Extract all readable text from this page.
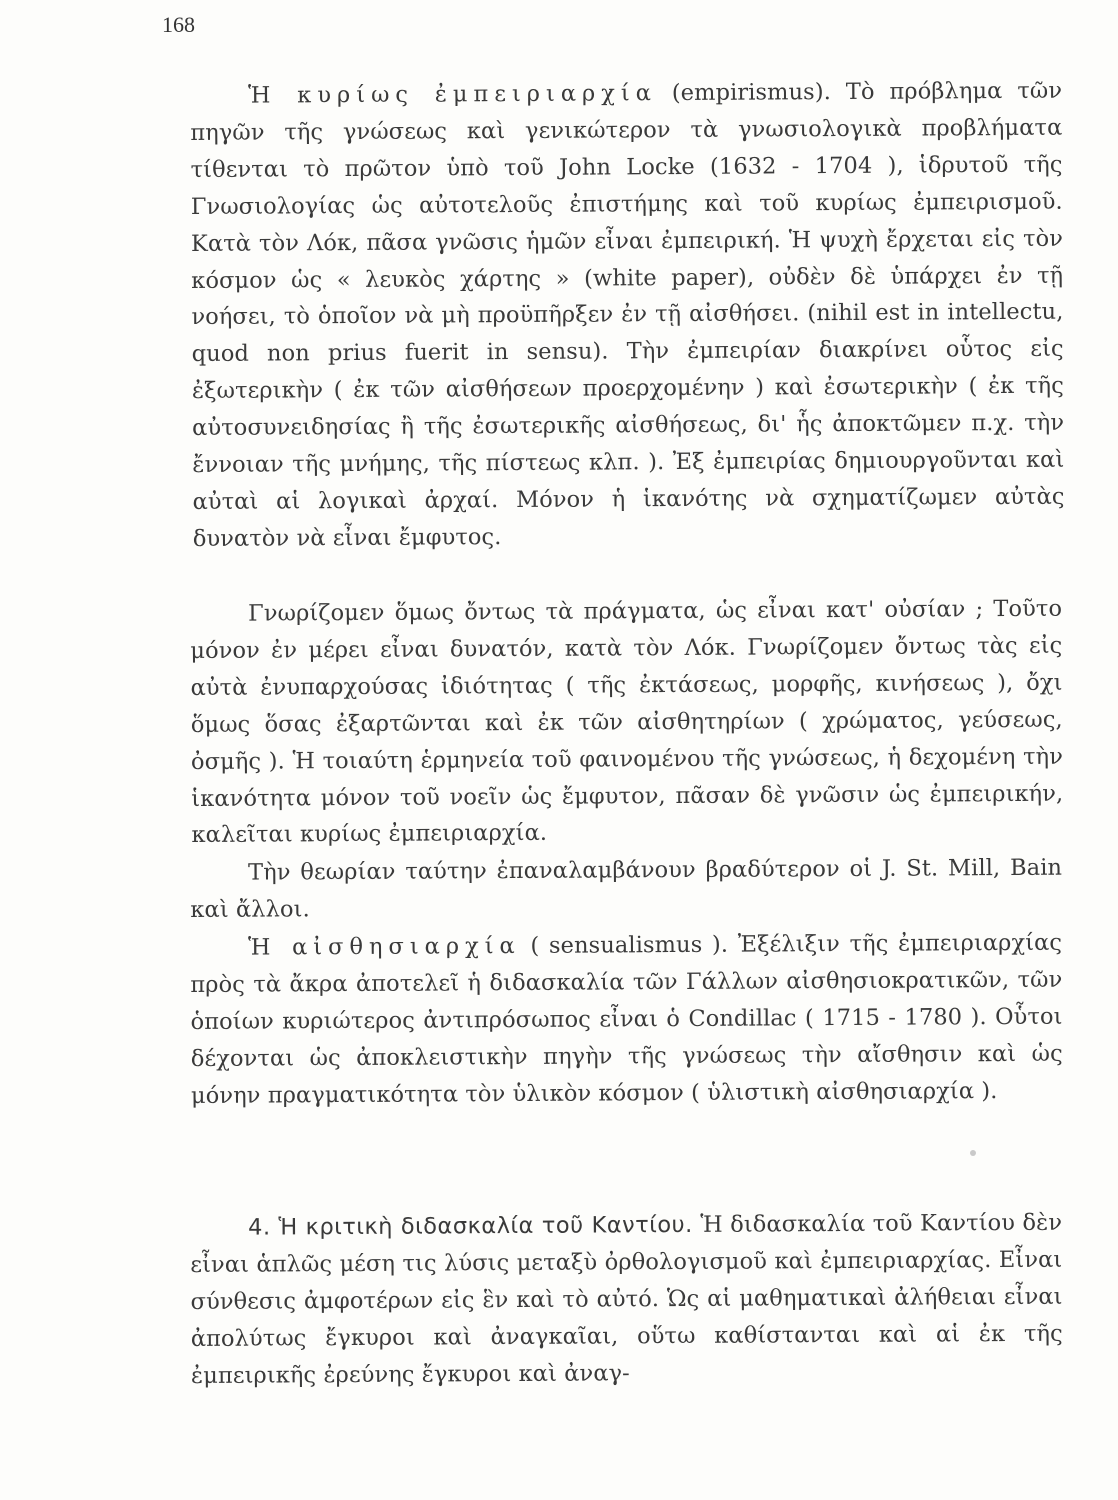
168

Ἡ κυρίως ἐμπειριαρχία (empirismus). Τὸ πρόβλημα τῶν πηγῶν τῆς γνώσεως καὶ γενικώτερον τὰ γνωσιολογικὰ προβλήματα τίθενται τὸ πρῶτον ὑπὸ τοῦ John Locke (1632 - 1704 ), ἱδρυτοῦ τῆς Γνωσιολογίας ὡς αὐτοτελοῦς ἐπιστήμης καὶ τοῦ κυρίως ἐμπειρισμοῦ. Κατὰ τὸν Λόκ, πᾶσα γνῶσις ἡμῶν εἶναι ἐμπειρική. Ἡ ψυχὴ ἔρχεται εἰς τὸν κόσμον ὡς « λευκὸς χάρτης » (white paper), οὐδὲν δὲ ὑπάρχει ἐν τῇ νοήσει, τὸ ὁποῖον νὰ μὴ προϋπῆρξεν ἐν τῇ αἰσθήσει. (nihil est in intellectu, quod non prius fuerit in sensu). Τὴν ἐμπειρίαν διακρίνει οὗτος εἰς ἐξωτερικὴν ( ἐκ τῶν αἰσθήσεων προερχομένην ) καὶ ἐσωτερικὴν ( ἐκ τῆς αὐτοσυνειδησίας ἢ τῆς ἐσωτερικῆς αἰσθήσεως, δι' ἧς ἀποκτῶμεν π.χ. τὴν ἔννοιαν τῆς μνήμης, τῆς πίστεως κλπ. ). Ἐξ ἐμπειρίας δημιουργοῦνται καὶ αὐταὶ αἱ λογικαὶ ἀρχαί. Μόνον ἡ ἱκανότης νὰ σχηματίζωμεν αὐτὰς δυνατὸν νὰ εἶναι ἔμφυτος.

Γνωρίζομεν ὅμως ὄντως τὰ πράγματα, ὡς εἶναι κατ' οὐσίαν ; Τοῦτο μόνον ἐν μέρει εἶναι δυνατόν, κατὰ τὸν Λόκ. Γνωρίζομεν ὄντως τὰς εἰς αὐτὰ ἐνυπαρχούσας ἰδιότητας ( τῆς ἐκτάσεως, μορφῆς, κινήσεως ), ὄχι ὅμως ὅσας ἐξαρτῶνται καὶ ἐκ τῶν αἰσθητηρίων ( χρώματος, γεύσεως, ὀσμῆς ). Ἡ τοιαύτη ἑρμηνεία τοῦ φαινομένου τῆς γνώσεως, ἡ δεχομένη τὴν ἱκανότητα μόνον τοῦ νοεῖν ὡς ἔμφυτον, πᾶσαν δὲ γνῶσιν ὡς ἐμπειρικήν, καλεῖται κυρίως ἐμπειριαρχία.

Τὴν θεωρίαν ταύτην ἐπαναλαμβάνουν βραδύτερον οἱ J. St. Mill, Bain καὶ ἄλλοι.

Ἡ αἰσθησιαρχία ( sensualismus ). Ἐξέλιξιν τῆς ἐμπειριαρχίας πρὸς τὰ ἄκρα ἀποτελεῖ ἡ διδασκαλία τῶν Γάλλων αἰσθησιοκρατικῶν, τῶν ὁποίων κυριώτερος ἀντιπρόσωπος εἶναι ὁ Condillac ( 1715 - 1780 ). Οὗτοι δέχονται ὡς ἀποκλειστικὴν πηγὴν τῆς γνώσεως τὴν αἴσθησιν καὶ ὡς μόνην πραγματικότητα τὸν ὑλικὸν κόσμον ( ὑλιστικὴ αἰσθησιαρχία ).

4. Ἡ κριτικὴ διδασκαλία τοῦ Καντίου. Ἡ διδασκαλία τοῦ Καντίου δὲν εἶναι ἁπλῶς μέση τις λύσις μεταξὺ ὀρθολογισμοῦ καὶ ἐμπειριαρχίας. Εἶναι σύνθεσις ἀμφοτέρων εἰς ἓν καὶ τὸ αὐτό. Ὡς αἱ μαθηματικαὶ ἀλήθειαι εἶναι ἀπολύτως ἔγκυροι καὶ ἀναγκαῖαι, οὕτω καθίστανται καὶ αἱ ἐκ τῆς ἐμπειρικῆς ἐρεύνης ἔγκυροι καὶ ἀναγ-
